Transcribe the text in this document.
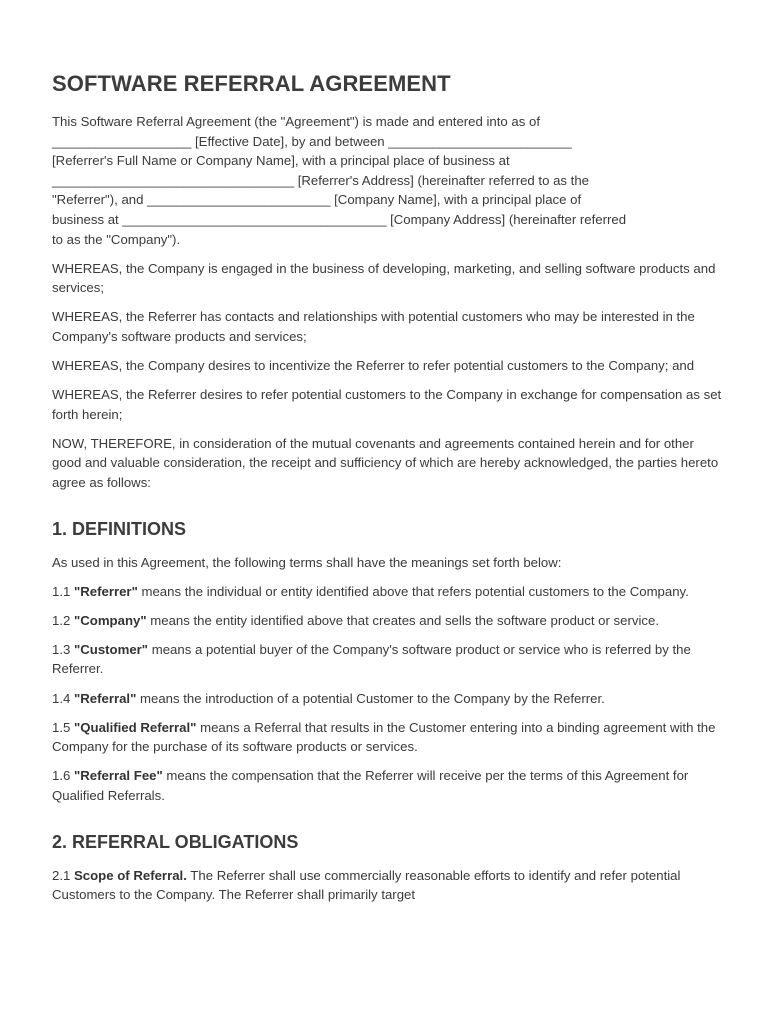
SOFTWARE REFERRAL AGREEMENT
This Software Referral Agreement (the "Agreement") is made and entered into as of
___________________ [Effective Date], by and between _________________________
[Referrer's Full Name or Company Name], with a principal place of business at
_________________________________ [Referrer's Address] (hereinafter referred to as the
"Referrer"), and _________________________ [Company Name], with a principal place of
business at ____________________________________ [Company Address] (hereinafter referred
to as the "Company").
WHEREAS, the Company is engaged in the business of developing, marketing, and selling software products and services;
WHEREAS, the Referrer has contacts and relationships with potential customers who may be interested in the Company's software products and services;
WHEREAS, the Company desires to incentivize the Referrer to refer potential customers to the Company; and
WHEREAS, the Referrer desires to refer potential customers to the Company in exchange for compensation as set forth herein;
NOW, THEREFORE, in consideration of the mutual covenants and agreements contained herein and for other good and valuable consideration, the receipt and sufficiency of which are hereby acknowledged, the parties hereto agree as follows:
1. DEFINITIONS
As used in this Agreement, the following terms shall have the meanings set forth below:
1.1 "Referrer" means the individual or entity identified above that refers potential customers to the Company.
1.2 "Company" means the entity identified above that creates and sells the software product or service.
1.3 "Customer" means a potential buyer of the Company's software product or service who is referred by the Referrer.
1.4 "Referral" means the introduction of a potential Customer to the Company by the Referrer.
1.5 "Qualified Referral" means a Referral that results in the Customer entering into a binding agreement with the Company for the purchase of its software products or services.
1.6 "Referral Fee" means the compensation that the Referrer will receive per the terms of this Agreement for Qualified Referrals.
2. REFERRAL OBLIGATIONS
2.1 Scope of Referral. The Referrer shall use commercially reasonable efforts to identify and refer potential Customers to the Company. The Referrer shall primarily target
